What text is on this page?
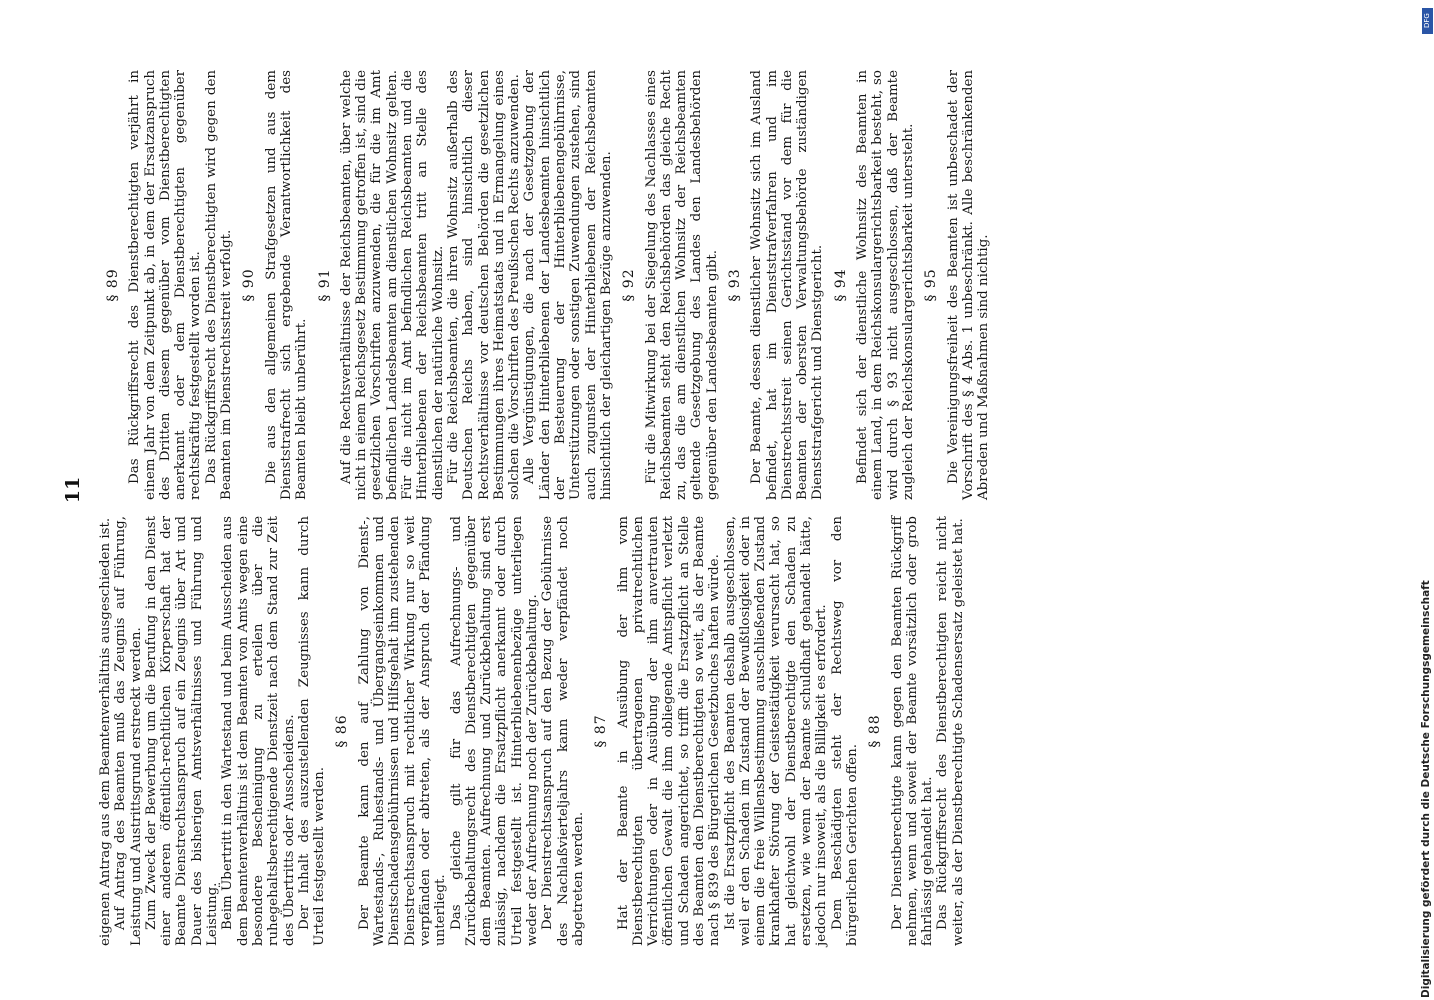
11

eigenen Antrag aus dem Beamtenverhältnis ausgeschieden ist. Auf Antrag des Beamten muß das Zeugnis auf Führung, Leistung und Austrittsgrund erstreckt werden. Zum Zweck der Bewerbung um die Berufung in den Dienst einer anderen öffentlich-rechtlichen Körperschaft hat der Beamte Dienstrechtsanspruch auf ein Zeugnis über Art und Dauer des bisherigen Amtsverhältnisses und Führung und Leistung. Beim Übertritt in den Wartestand und beim Ausscheiden aus dem Beamtenverhältnis ist dem Beamten von Amts wegen eine besondere Bescheinigung zu erteilen über die ruhegehaltsberechtigende Dienstzeit nach dem Stand zur Zeit des Übertritts oder Ausscheidens. Der Inhalt des auszustellenden Zeugnisses kann durch Urteil festgestellt werden.

§ 86 Der Beamte kann den auf Zahlung von Dienst-, Wartestands-, Ruhestands- und Übergangseinkommen und Dienstschadensgebührnissen und Hilfsgehalt ihm zustehenden Dienstrechtsanspruch mit rechtlicher Wirkung nur so weit verpfänden oder abtreten, als der Anspruch der Pfändung unterliegt. Das gleiche gilt für das Aufrechnungs- und Zurückbehaltungsrecht des Dienstberechtigten gegenüber dem Beamten. Aufrechnung und Zurückbehaltung sind erst zulässig, nachdem die Ersatzpflicht anerkannt oder durch Urteil festgestellt ist. Hinterbliebenenbezüge unterliegen weder der Aufrechnung noch der Zurückbehaltung. Der Dienstrechtsanspruch auf den Bezug der Gebührnisse des Nachlaßvierteljahrs kann weder verpfändet noch abgetreten werden.

§ 87 Hat der Beamte in Ausübung der ihm vom Dienstberechtigten übertragenen privatrechtlichen Verrichtungen oder in Ausübung der ihm anvertrauten öffentlichen Gewalt die ihm obliegende Amtspflicht verletzt und Schaden angerichtet, so trifft die Ersatzpflicht an Stelle des Beamten den Dienstberechtigten so weit, als der Beamte nach § 839 des Bürgerlichen Gesetzbuches haften würde. Ist die Ersatzpflicht des Beamten deshalb ausgeschlossen, weil er den Schaden im Zustand der Bewußtlosigkeit oder in einem die freie Willensbestimmung ausschließenden Zustand krankhafter Störung der Geistestätigkeit verursacht hat, so hat gleichwohl der Dienstberechtigte den Schaden zu ersetzen, wie wenn der Beamte schuldhaft gehandelt hätte, jedoch nur insoweit, als die Billigkeit es erfordert. Dem Beschädigten steht der Rechtsweg vor den bürgerlichen Gerichten offen.

§ 88 Der Dienstberechtigte kann gegen den Beamten Rückgriff nehmen, wenn und soweit der Beamte vorsätzlich oder grob fahrlässig gehandelt hat. Das Rückgriffsrecht des Dienstberechtigten reicht nicht weiter, als der Dienstberechtigte Schadensersatz geleistet hat.

§ 89 Das Rückgriffsrecht des Dienstberechtigten verjährt in einem Jahr von dem Zeitpunkt ab, in dem der Ersatzanspruch des Dritten diesem gegenüber vom Dienstberechtigten anerkannt oder dem Dienstberechtigten gegenüber rechtskräftig festgestellt worden ist. Das Rückgriffsrecht des Dienstberechtigten wird gegen den Beamten im Dienstrechtsstreit verfolgt. § 90 Die aus den allgemeinen Strafgesetzen und aus dem Dienststrafrecht sich ergebende Verantwortlichkeit des Beamten bleibt unberührt.

§ 91 Auf die Rechtsverhältnisse der Reichsbeamten, über welche nicht in einem Reichsgesetz Bestimmung getroffen ist, sind die gesetzlichen Vorschriften anzuwenden, die für die im Amt befindlichen Landesbeamten am dienstlichen Wohnsitz gelten. Für die nicht im Amt befindlichen Reichsbeamten und die Hinterbliebenen der Reichsbeamten tritt an Stelle des dienstlichen der natürliche Wohnsitz. Für die Reichsbeamten, die ihren Wohnsitz außerhalb des Deutschen Reichs haben, sind hinsichtlich dieser Rechtsverhältnisse vor deutschen Behörden die gesetzlichen Bestimmungen ihres Heimatstaats und in Ermangelung eines solchen die Vorschriften des Preußischen Rechts anzuwenden. Alle Vergünstigungen, die nach der Gesetzgebung der Länder den Hinterbliebenen der Landesbeamten hinsichtlich der Besteuerung der Hinterbliebenengebührnisse, Unterstützungen oder sonstigen Zuwendungen zustehen, sind auch zugunsten der Hinterbliebenen der Reichsbeamten hinsichtlich der gleichartigen Bezüge anzuwenden. § 92 Für die Mitwirkung bei der Siegelung des Nachlasses eines Reichsbeamten steht den Reichsbehörden das gleiche Recht zu, das die am dienstlichen Wohnsitz der Reichsbeamten geltende Gesetzgebung des Landes den Landesbehörden gegenüber den Landesbeamten gibt. § 93 Der Beamte, dessen dienstlicher Wohnsitz sich im Ausland befindet, hat im Dienststrafverfahren und im Dienstrechtsstreit seinen Gerichtsstand vor dem für die Beamten der obersten Verwaltungsbehörde zuständigen Dienststrafgericht und Dienstgericht. § 94 Befindet sich der dienstliche Wohnsitz des Beamten in einem Land, in dem Reichskonsulargerichtsbarkeit besteht, so wird durch § 93 nicht ausgeschlossen, daß der Beamte zugleich der Reichskonsulargerichtsbarkeit untersteht. § 95 Die Vereinigungsfreiheit des Beamten ist unbeschadet der Vorschrift des § 4 Abs. 1 unbeschränkt. Alle beschränkenden Abreden und Maßnahmen sind nichtig.

DFG
Digitalisierung gefördert durch die Deutsche Forschungsgemeinschaft
